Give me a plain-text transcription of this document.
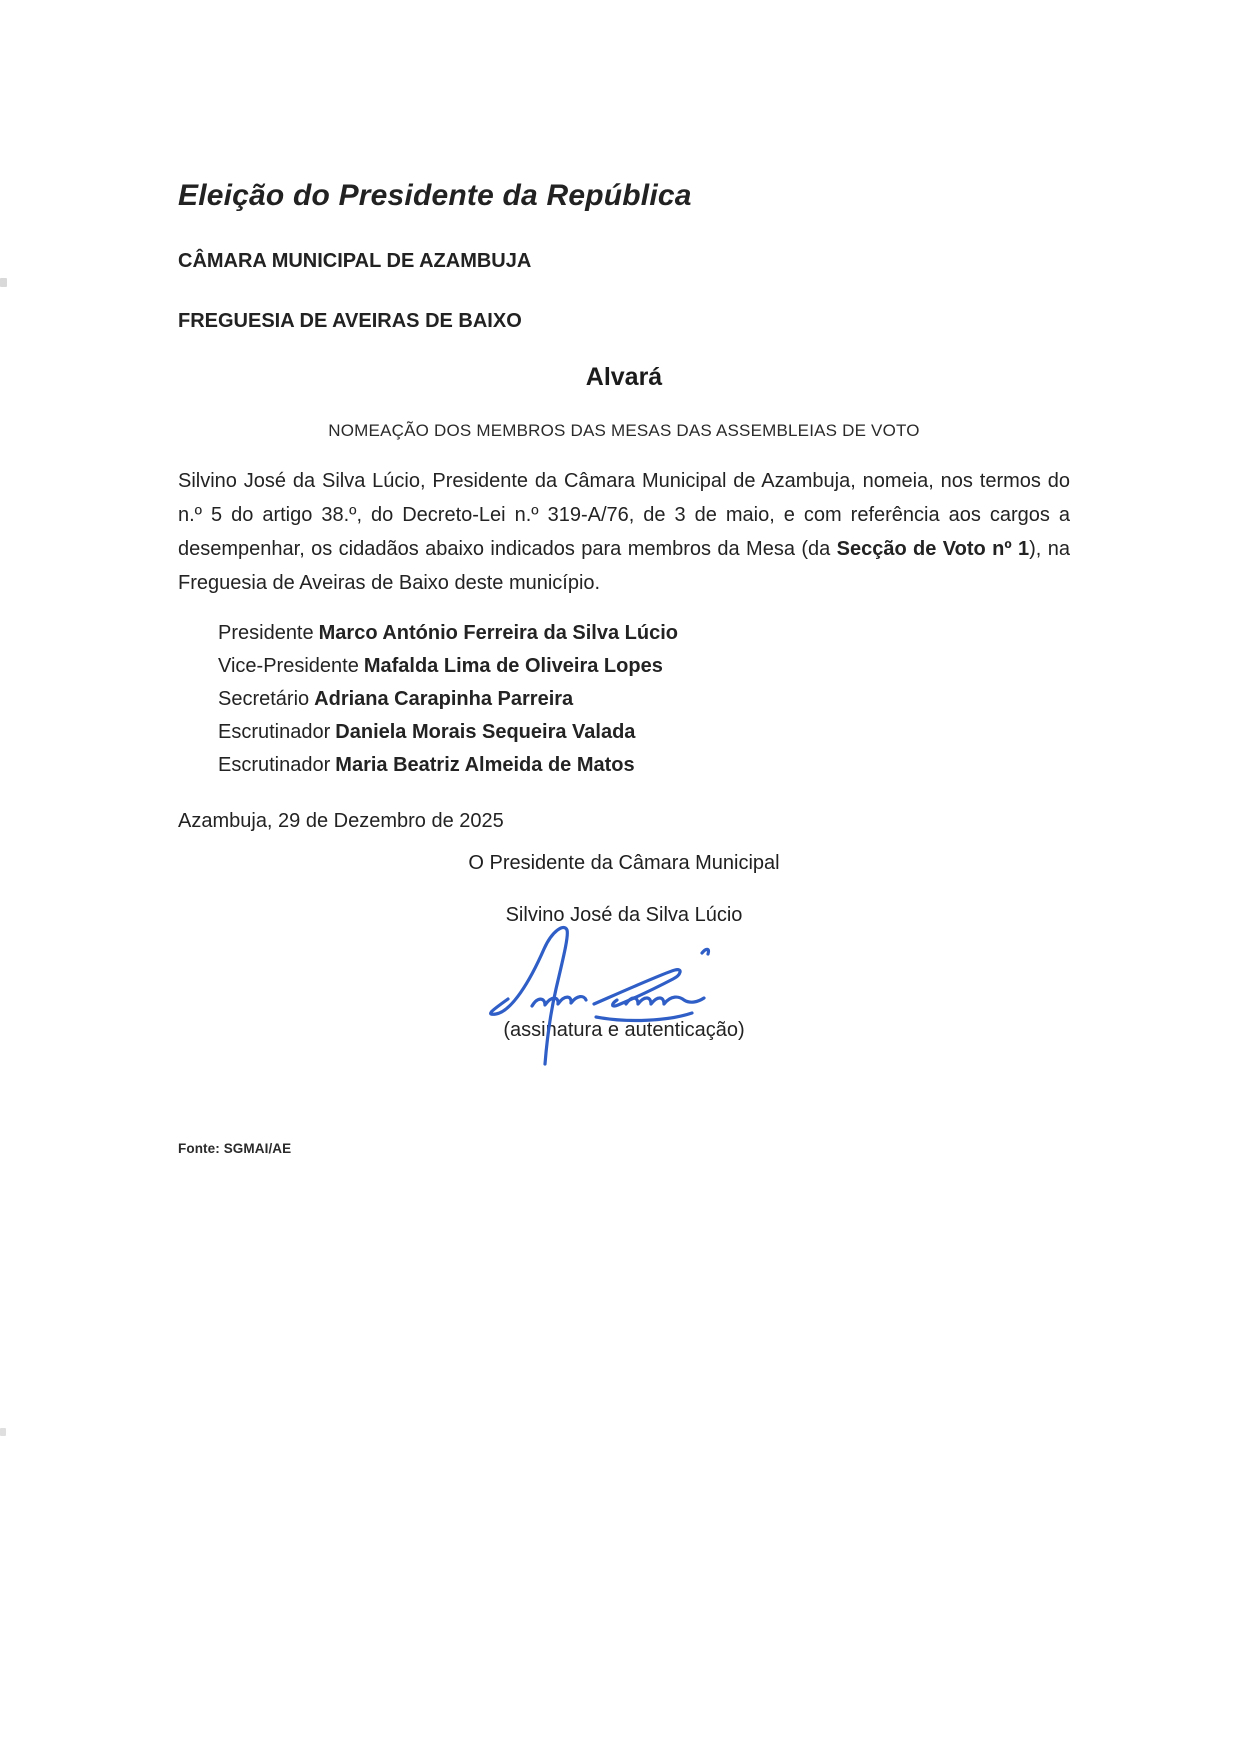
Eleição do Presidente da República
CÂMARA MUNICIPAL DE AZAMBUJA
FREGUESIA DE AVEIRAS DE BAIXO
Alvará
NOMEAÇÃO DOS MEMBROS DAS MESAS DAS ASSEMBLEIAS DE VOTO

Silvino José da Silva Lúcio, Presidente da Câmara Municipal de Azambuja, nomeia, nos termos do n.º 5 do artigo 38.º, do Decreto-Lei n.º 319-A/76, de 3 de maio, e com referência aos cargos a desempenhar, os cidadãos abaixo indicados para membros da Mesa (da Secção de Voto nº 1), na Freguesia de Aveiras de Baixo deste município.

Presidente Marco António Ferreira da Silva Lúcio
Vice-Presidente Mafalda Lima de Oliveira Lopes
Secretário Adriana Carapinha Parreira
Escrutinador Daniela Morais Sequeira Valada
Escrutinador Maria Beatriz Almeida de Matos
Azambuja, 29 de Dezembro de 2025
O Presidente da Câmara Municipal
Silvino José da Silva Lúcio
(assinatura e autenticação)
Fonte: SGMAI/AE
